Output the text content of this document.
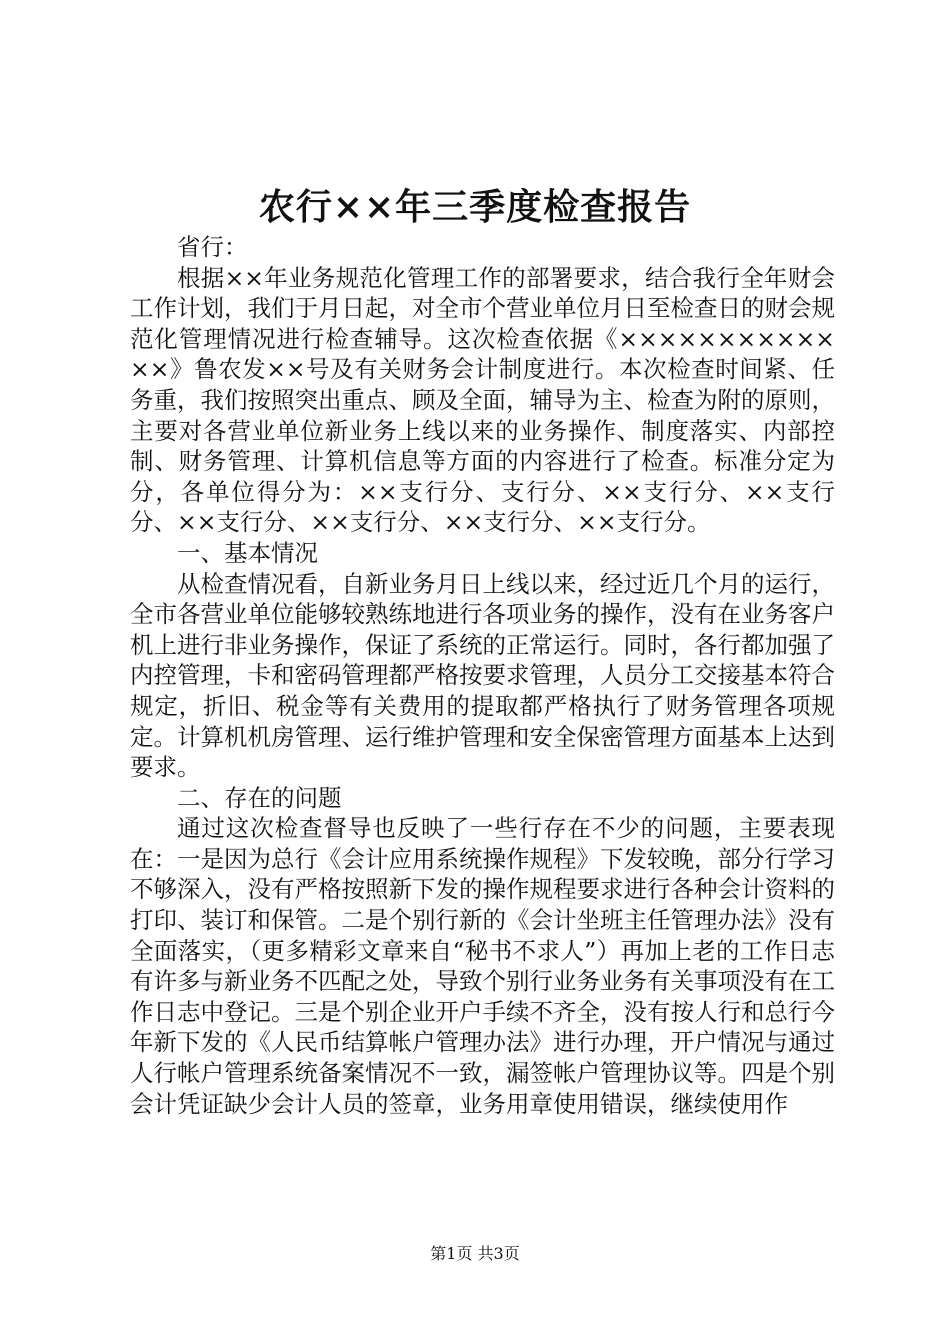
农行××年三季度检查报告

省行：

根据××年业务规范化管理工作的部署要求，结合我行全年财会工作计划，我们于月日起，对全市个营业单位月日至检查日的财会规范化管理情况进行检查辅导。这次检查依据《×××××××××××××》鲁农发××号及有关财务会计制度进行。本次检查时间紧、任务重，我们按照突出重点、顾及全面，辅导为主、检查为附的原则，主要对各营业单位新业务上线以来的业务操作、制度落实、内部控制、财务管理、计算机信息等方面的内容进行了检查。标准分定为分，各单位得分为：××支行分、支行分、××支行分、××支行分、××支行分、××支行分、××支行分、××支行分。

一、基本情况

从检查情况看，自新业务月日上线以来，经过近几个月的运行，全市各营业单位能够较熟练地进行各项业务的操作，没有在业务客户机上进行非业务操作，保证了系统的正常运行。同时，各行都加强了内控管理，卡和密码管理都严格按要求管理，人员分工交接基本符合规定，折旧、税金等有关费用的提取都严格执行了财务管理各项规定。计算机机房管理、运行维护管理和安全保密管理方面基本上达到要求。

二、存在的问题

通过这次检查督导也反映了一些行存在不少的问题，主要表现在：一是因为总行《会计应用系统操作规程》下发较晚，部分行学习不够深入，没有严格按照新下发的操作规程要求进行各种会计资料的打印、装订和保管。二是个别行新的《会计坐班主任管理办法》没有全面落实，（更多精彩文章来自“秘书不求人”）再加上老的工作日志有许多与新业务不匹配之处，导致个别行业务业务有关事项没有在工作日志中登记。三是个别企业开户手续不齐全，没有按人行和总行今年新下发的《人民币结算帐户管理办法》进行办理，开户情况与通过人行帐户管理系统备案情况不一致，漏签帐户管理协议等。四是个别会计凭证缺少会计人员的签章，业务用章使用错误，继续使用作

第1页 共3页
